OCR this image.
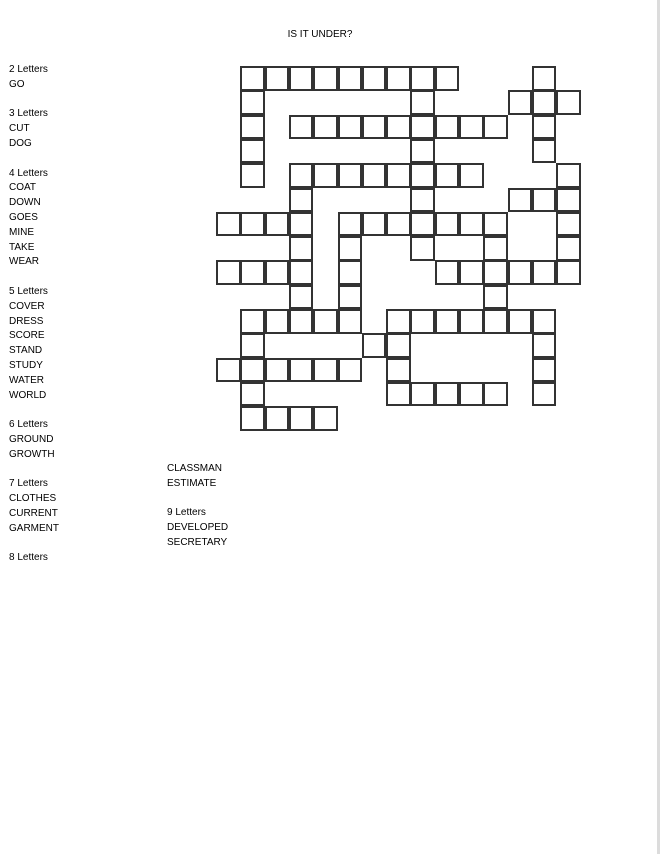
IS IT UNDER?
2 Letters
GO
3 Letters
CUT
DOG
4 Letters
COAT
DOWN
GOES
MINE
TAKE
WEAR
5 Letters
COVER
DRESS
SCORE
STAND
STUDY
WATER
WORLD
6 Letters
GROUND
GROWTH
7 Letters
CLOTHES
CURRENT
GARMENT
8 Letters
CLASSMAN
ESTIMATE
9 Letters
DEVELOPED
SECRETARY
